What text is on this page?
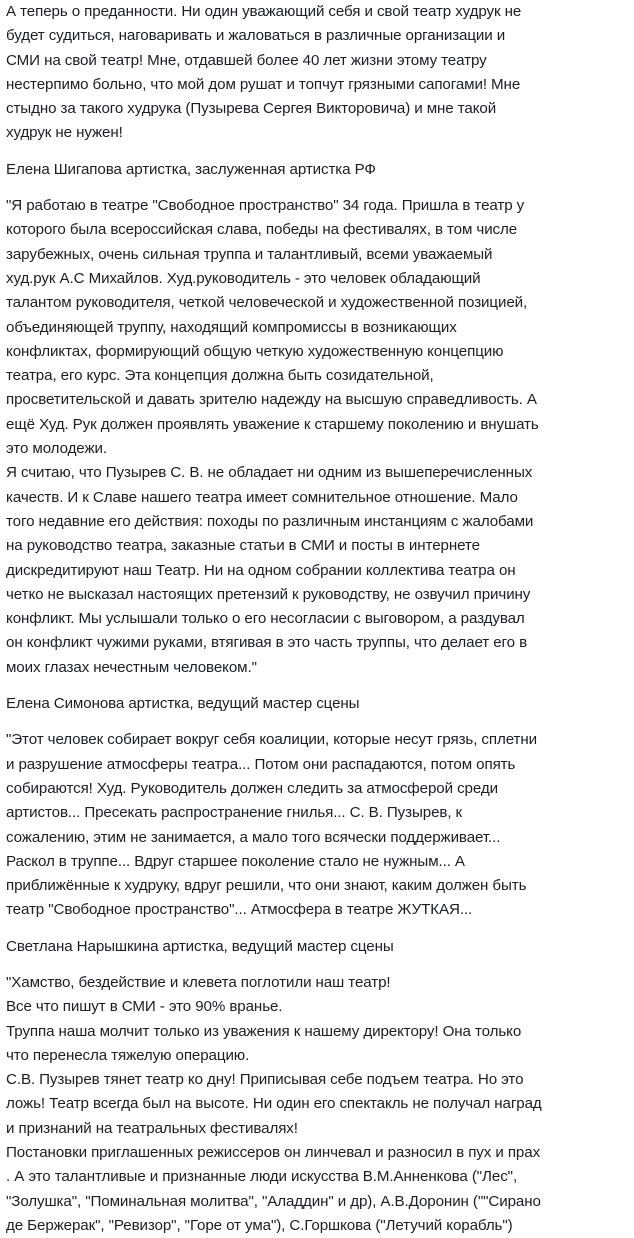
А теперь о преданности. Ни один уважающий себя и свой театр худрук не
будет судиться, наговаривать и жаловаться в различные организации и
СМИ на свой театр! Мне, отдавшей более 40 лет жизни этому театру
нестерпимо больно, что мой дом рушат и топчут грязными сапогами! Мне
стыдно за такого худрука (Пузырева Сергея Викторовича) и мне такой
худрук не нужен!
Елена Шигапова артистка, заслуженная артистка РФ
"Я работаю в театре "Свободное пространство" 34 года. Пришла в театр у
которого была всероссийская слава, победы на фестивалях, в том числе
зарубежных, очень сильная труппа и талантливый, всеми уважаемый
худ.рук А.С Михайлов. Худ.руководитель - это человек обладающий
талантом руководителя, четкой человеческой и художественной позицией,
объединяющей труппу, находящий компромиссы в возникающих
конфликтах, формирующий общую четкую художественную концепцию
театра, его курс. Эта концепция должна быть созидательной,
просветительской и давать зрителю надежду на высшую справедливость. А
ещё Худ. Рук должен проявлять уважение к старшему поколению и внушать
это молодежи.
Я считаю, что Пузырев С. В. не обладает ни одним из вышеперечисленных
качеств. И к Славе нашего театра имеет сомнительное отношение. Мало
того недавние его действия: походы по различным инстанциям с жалобами
на руководство театра, заказные статьи в СМИ и посты в интернете
дискредитируют наш Театр. Ни на одном собрании коллектива театра он
четко не высказал настоящих претензий к руководству, не озвучил причину
конфликт. Мы услышали только о его несогласии с выговором, а раздувал
он конфликт чужими руками, втягивая в это часть труппы, что делает его в
моих глазах нечестным человеком."
Елена Симонова артистка, ведущий мастер сцены
"Этот человек собирает вокруг себя коалиции, которые несут грязь, сплетни
и разрушение атмосферы театра... Потом они распадаются, потом опять
собираются! Худ. Руководитель должен следить за атмосферой среди
артистов... Пресекать распространение гнилья... С. В. Пузырев, к
сожалению, этим не занимается, а мало того всячески поддерживает...
Раскол в труппе... Вдруг старшее поколение стало не нужным... А
приближённые к худруку, вдруг решили, что они знают, каким должен быть
театр "Свободное пространство"... Атмосфера в театре ЖУТКАЯ...
Светлана Нарышкина артистка, ведущий мастер сцены
"Хамство, бездействие и клевета поглотили наш театр!
Все что пишут в СМИ - это 90% вранье.
Труппа наша молчит только из уважения к нашему директору! Она только
что перенесла тяжелую операцию.
С.В. Пузырев тянет театр ко дну! Приписывая себе подъем театра. Но это
ложь! Театр всегда был на высоте. Ни один его спектакль не получал наград
и признаний на театральных фестивалях!
Постановки приглашенных режиссеров он линчевал и разносил в пух и прах
. А это талантливые и признанные люди искусства В.М.Анненкова ("Лес",
"Золушка", "Поминальная молитва", "Аладдин" и др), А.В.Доронин (""Сирано
де Бержерак", "Ревизор", "Горе от ума"), С.Горшкова ("Летучий корабль")
